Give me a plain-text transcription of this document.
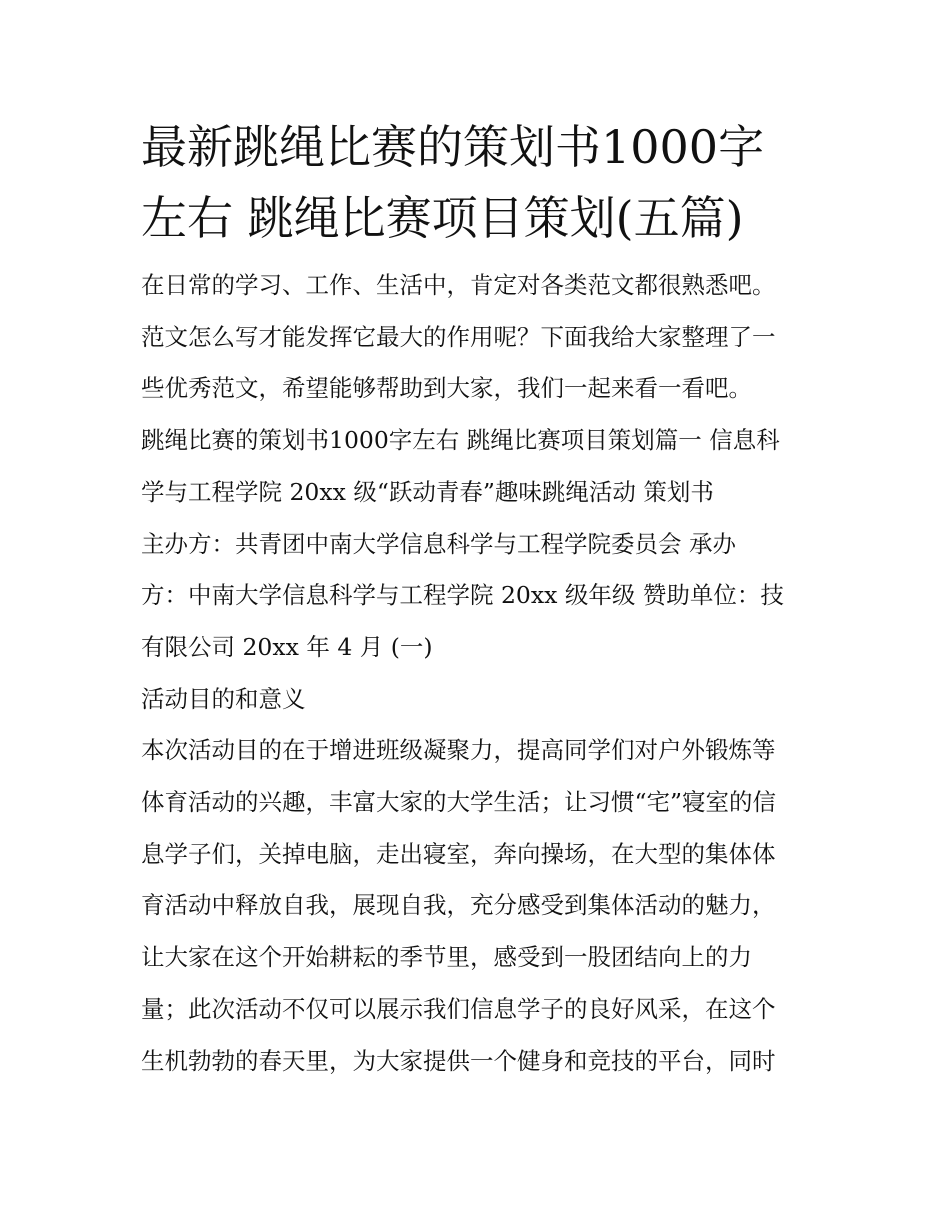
最新跳绳比赛的策划书1000字
左右 跳绳比赛项目策划(五篇)
在日常的学习、工作、生活中，肯定对各类范文都很熟悉吧。
范文怎么写才能发挥它最大的作用呢？下面我给大家整理了一
些优秀范文，希望能够帮助到大家，我们一起来看一看吧。
跳绳比赛的策划书1000字左右 跳绳比赛项目策划篇一 信息科
学与工程学院 20xx 级“跃动青春”趣味跳绳活动 策划书
主办方：共青团中南大学信息科学与工程学院委员会 承办
方：中南大学信息科学与工程学院 20xx 级年级 赞助单位：技
有限公司 20xx 年 4 月 (一)
活动目的和意义
本次活动目的在于增进班级凝聚力，提高同学们对户外锻炼等
体育活动的兴趣，丰富大家的大学生活；让习惯“宅”寝室的信
息学子们，关掉电脑，走出寝室，奔向操场，在大型的集体体
育活动中释放自我，展现自我，充分感受到集体活动的魅力，
让大家在这个开始耕耘的季节里，感受到一股团结向上的力
量；此次活动不仅可以展示我们信息学子的良好风采，在这个
生机勃勃的春天里，为大家提供一个健身和竞技的平台，同时
